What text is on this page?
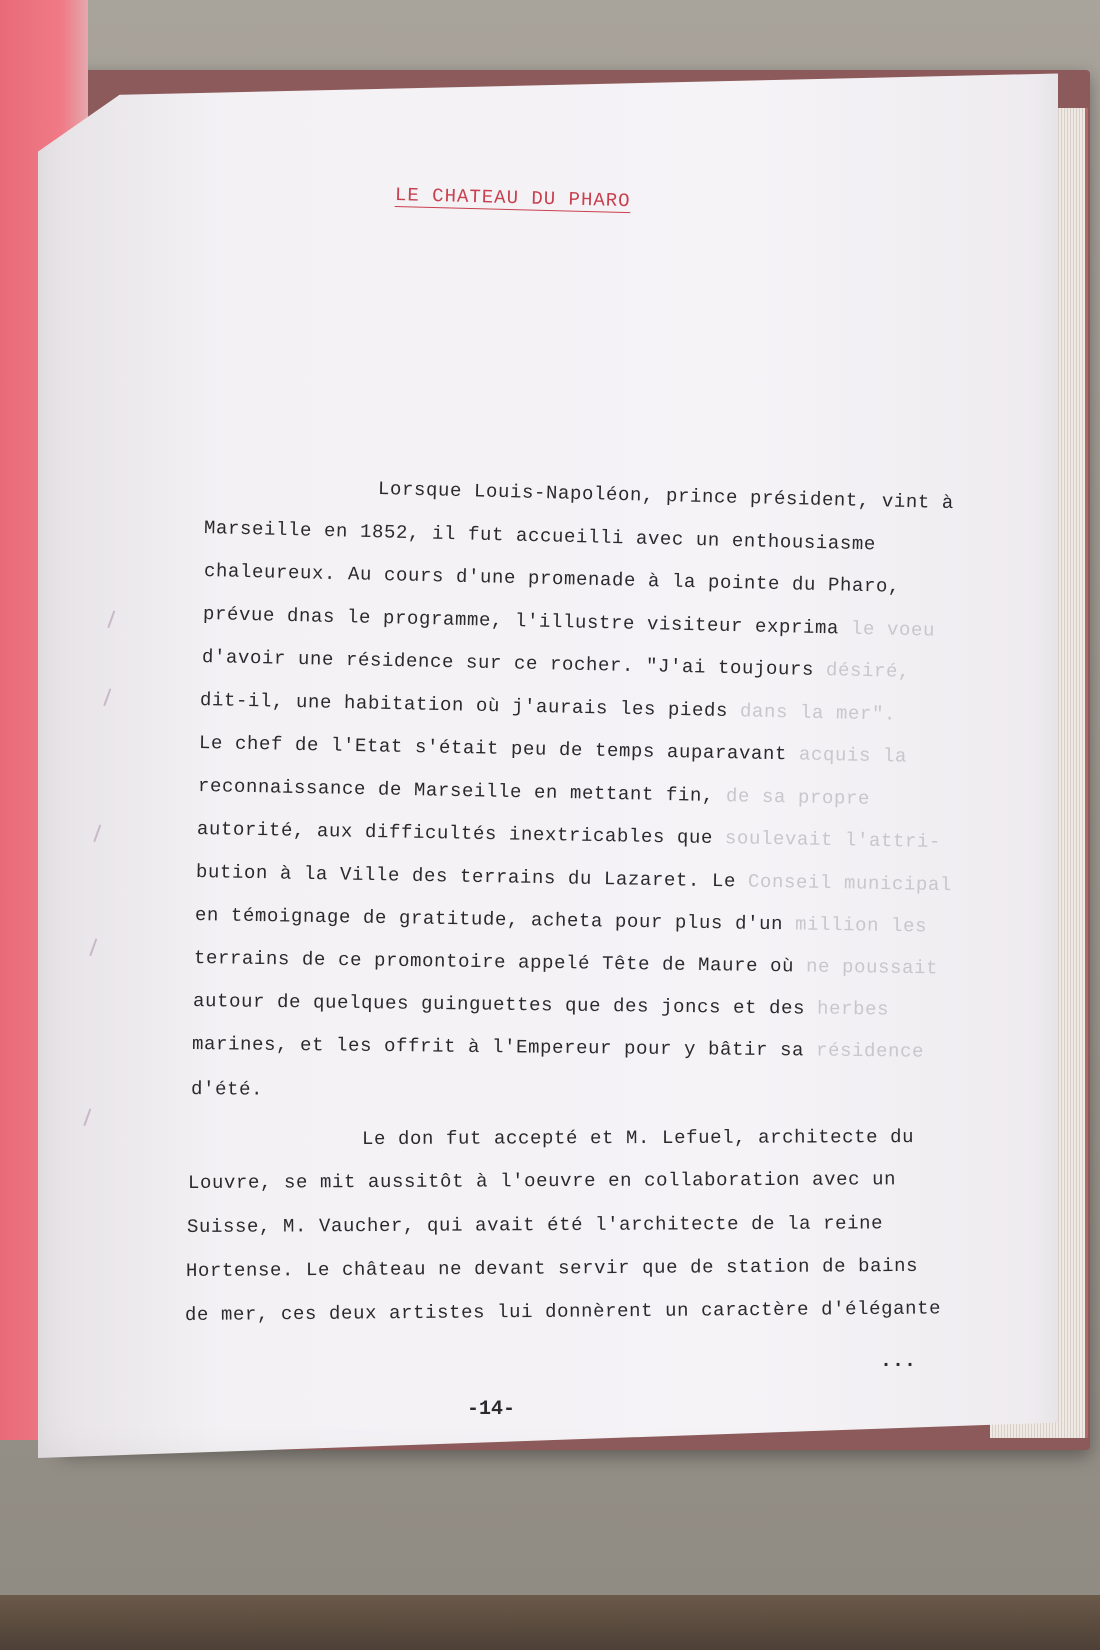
LE CHATEAU DU PHARO
Lorsque Louis-Napoléon, prince président, vint à
Marseille en 1852, il fut accueilli avec un enthousiasme
chaleureux. Au cours d'une promenade à la pointe du Pharo,
prévue dnas le programme, l'illustre visiteur exprima le voeu
d'avoir une résidence sur ce rocher. "J'ai toujours désiré,
dit-il, une habitation où j'aurais les pieds dans la mer".
Le chef de l'Etat s'était peu de temps auparavant acquis la
reconnaissance de Marseille en mettant fin, de sa propre
autorité, aux difficultés inextricables que soulevait l'attri-
bution à la Ville des terrains du Lazaret. Le Conseil municipal
en témoignage de gratitude, acheta pour plus d'un million les
terrains de ce promontoire appelé Tête de Maure où ne poussait
autour de quelques guinguettes que des joncs et des herbes
marines, et les offrit à l'Empereur pour y bâtir sa résidence
d'été.
Le don fut accepté et M. Lefuel, architecte du
Louvre, se mit aussitôt à l'oeuvre en collaboration avec un
Suisse, M. Vaucher, qui avait été l'architecte de la reine
Hortense. Le château ne devant servir que de station de bains
de mer, ces deux artistes lui donnèrent un caractère d'élégante
...
-14-
